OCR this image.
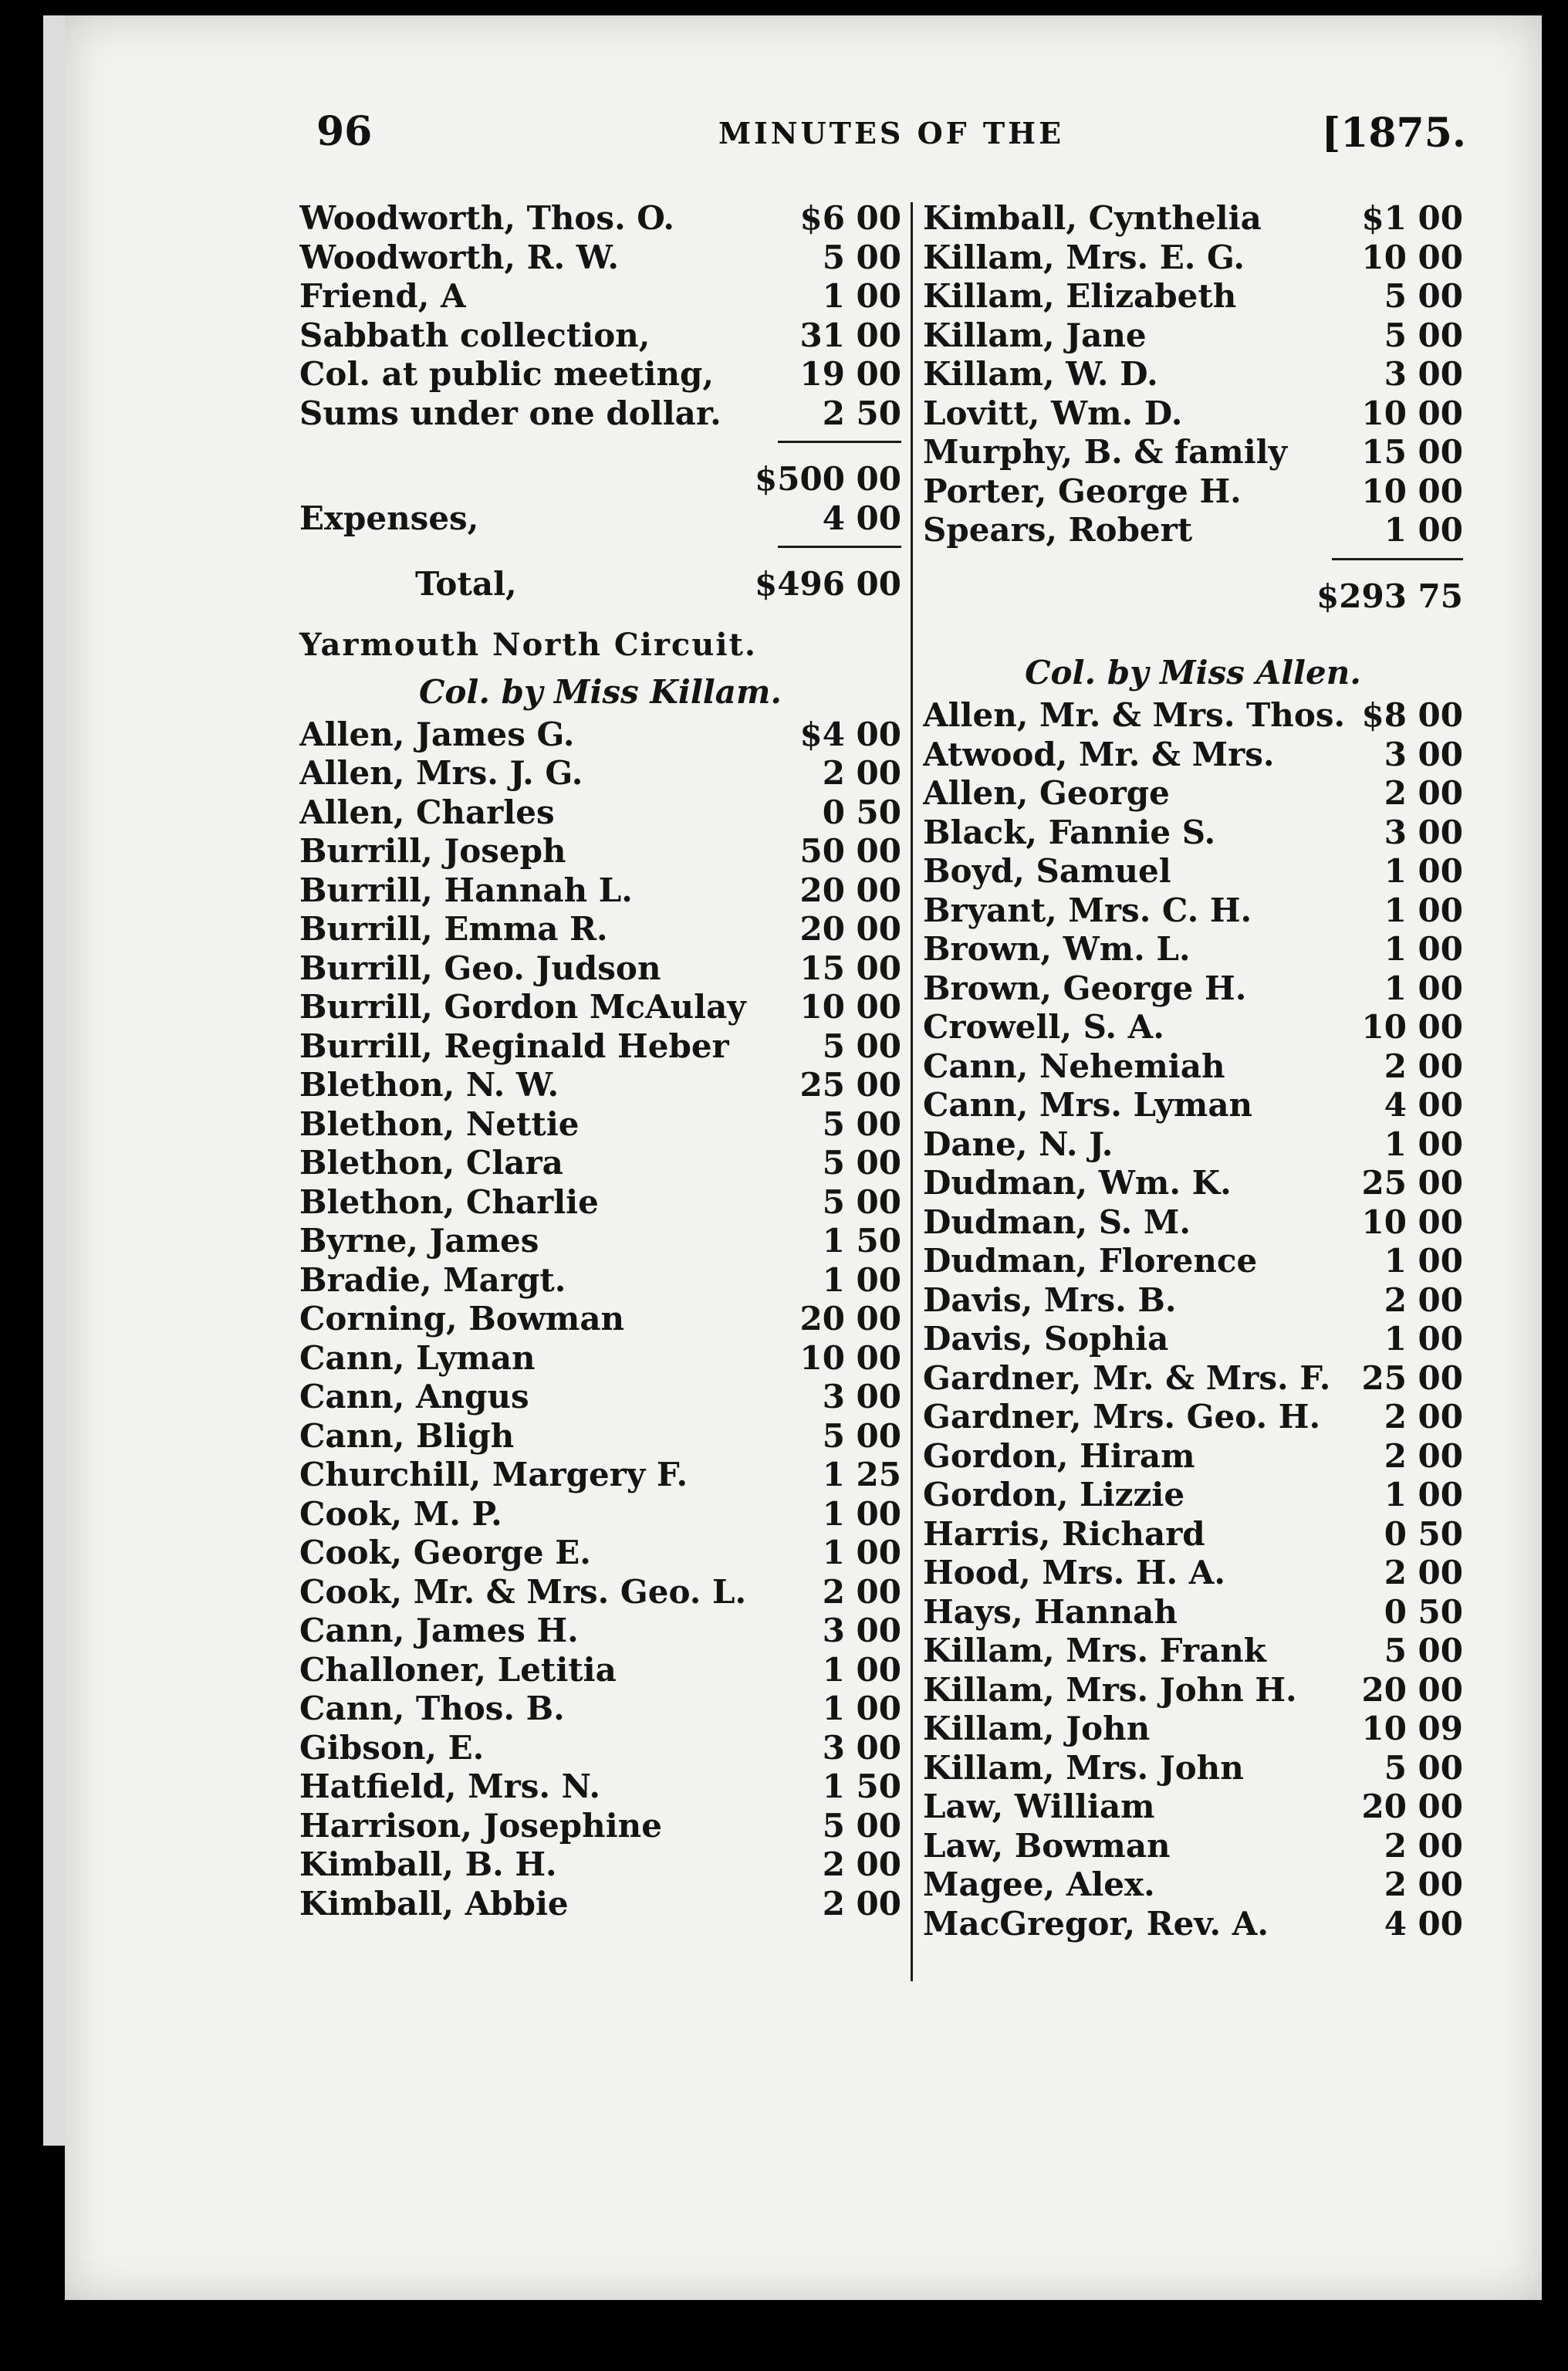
96	MINUTES OF THE	[1875.
Woodworth, Thos. O.	$6 00
Woodworth, R. W.	5 00
Friend, A	1 00
Sabbath collection,	31 00
Col. at public meeting,	19 00
Sums under one dollar.	2 50
$500 00
Expenses,	4 00
Total,	$496 00
Yarmouth North Circuit.
Col. by Miss Killam.
Allen, James G.	$4 00
Allen, Mrs. J. G.	2 00
Allen, Charles	0 50
Burrill, Joseph	50 00
Burrill, Hannah L.	20 00
Burrill, Emma R.	20 00
Burrill, Geo. Judson	15 00
Burrill, Gordon McAulay	10 00
Burrill, Reginald Heber	5 00
Blethon, N. W.	25 00
Blethon, Nettie	5 00
Blethon, Clara	5 00
Blethon, Charlie	5 00
Byrne, James	1 50
Bradie, Margt.	1 00
Corning, Bowman	20 00
Cann, Lyman	10 00
Cann, Angus	3 00
Cann, Bligh	5 00
Churchill, Margery F.	1 25
Cook, M. P.	1 00
Cook, George E.	1 00
Cook, Mr. & Mrs. Geo. L.	2 00
Cann, James H.	3 00
Challoner, Letitia	1 00
Cann, Thos. B.	1 00
Gibson, E.	3 00
Hatfield, Mrs. N.	1 50
Harrison, Josephine	5 00
Kimball, B. H.	2 00
Kimball, Abbie	2 00
Kimball, Cynthelia	$1 00
Killam, Mrs. E. G.	10 00
Killam, Elizabeth	5 00
Killam, Jane	5 00
Killam, W. D.	3 00
Lovitt, Wm. D.	10 00
Murphy, B. & family	15 00
Porter, George H.	10 00
Spears, Robert	1 00
$293 75
Col. by Miss Allen.
Allen, Mr. & Mrs. Thos. $8 00
Atwood, Mr. & Mrs.	3 00
Allen, George	2 00
Black, Fannie S.	3 00
Boyd, Samuel	1 00
Bryant, Mrs. C. H.	1 00
Brown, Wm. L.	1 00
Brown, George H.	1 00
Crowell, S. A.	10 00
Cann, Nehemiah	2 00
Cann, Mrs. Lyman	4 00
Dane, N. J.	1 00
Dudman, Wm. K.	25 00
Dudman, S. M.	10 00
Dudman, Florence	1 00
Davis, Mrs. B.	2 00
Davis, Sophia	1 00
Gardner, Mr. & Mrs. F. 25 00
Gardner, Mrs. Geo. H.	2 00
Gordon, Hiram	2 00
Gordon, Lizzie	1 00
Harris, Richard	0 50
Hood, Mrs. H. A.	2 00
Hays, Hannah	0 50
Killam, Mrs. Frank	5 00
Killam, Mrs. John H.	20 00
Killam, John	10 09
Killam, Mrs. John	5 00
Law, William	20 00
Law, Bowman	2 00
Magee, Alex.	2 00
MacGregor, Rev. A.	4 00
